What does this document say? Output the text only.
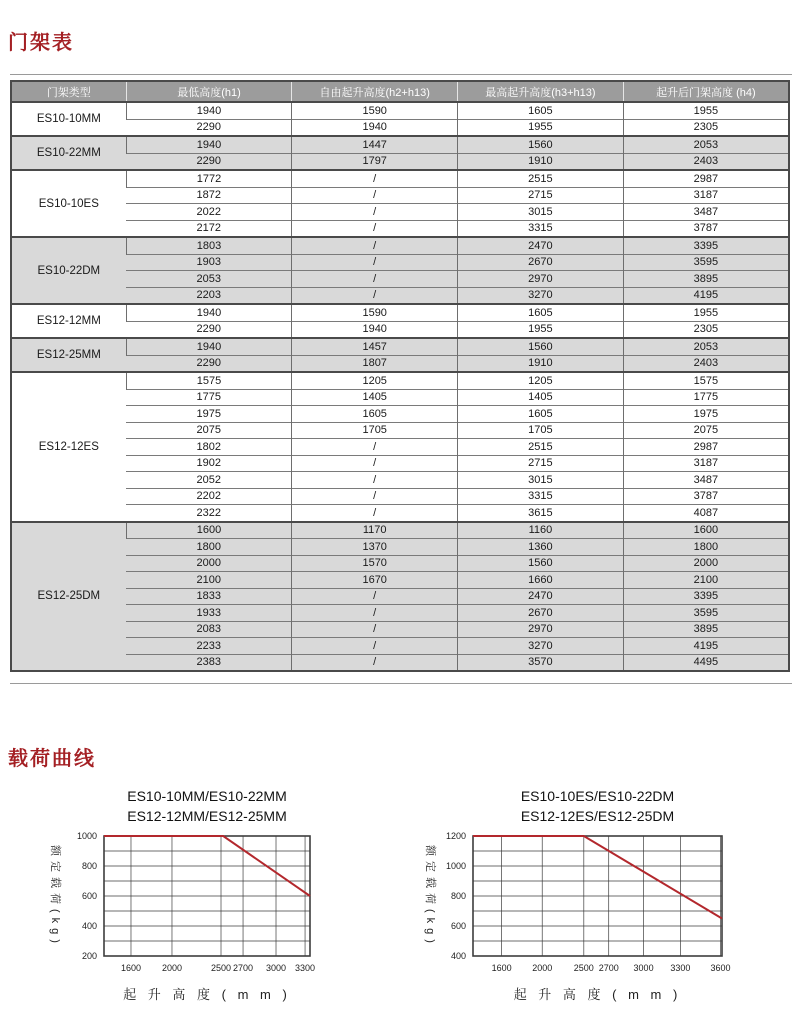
门架表
门架类型	最低高度(h1)	自由起升高度(h2+h13)	最高起升高度(h3+h13)	起升后门架高度 (h4)
ES10-10MM	1940	1590	1605	1955
	2290	1940	1955	2305
ES10-22MM	1940	1447	1560	2053
	2290	1797	1910	2403
ES10-10ES	1772	/	2515	2987
	1872	/	2715	3187
	2022	/	3015	3487
	2172	/	3315	3787
ES10-22DM	1803	/	2470	3395
	1903	/	2670	3595
	2053	/	2970	3895
	2203	/	3270	4195
ES12-12MM	1940	1590	1605	1955
	2290	1940	1955	2305
ES12-25MM	1940	1457	1560	2053
	2290	1807	1910	2403
ES12-12ES	1575	1205	1205	1575
	1775	1405	1405	1775
	1975	1605	1605	1975
	2075	1705	1705	2075
	1802	/	2515	2987
	1902	/	2715	3187
	2052	/	3015	3487
	2202	/	3315	3787
	2322	/	3615	4087
ES12-25DM	1600	1170	1160	1600
	1800	1370	1360	1800
	2000	1570	1560	2000
	2100	1670	1660	2100
	1833	/	2470	3395
	1933	/	2670	3595
	2083	/	2970	3895
	2233	/	3270	4195
	2383	/	3570	4495
载荷曲线
ES10-10MM/ES10-22MM
ES12-12MM/ES12-25MM
额定载荷(kg)
200
400
600
800
1000
1600 2000	2500 2700 3000 3300
起 升 高 度 ( m m )
ES10-10ES/ES10-22DM
ES12-12ES/ES12-25DM
额定载荷(kg)
400
600
800
1000
1200
1600 2000 2500 2700 3000 3300 3600
起 升 高 度 ( m m )
